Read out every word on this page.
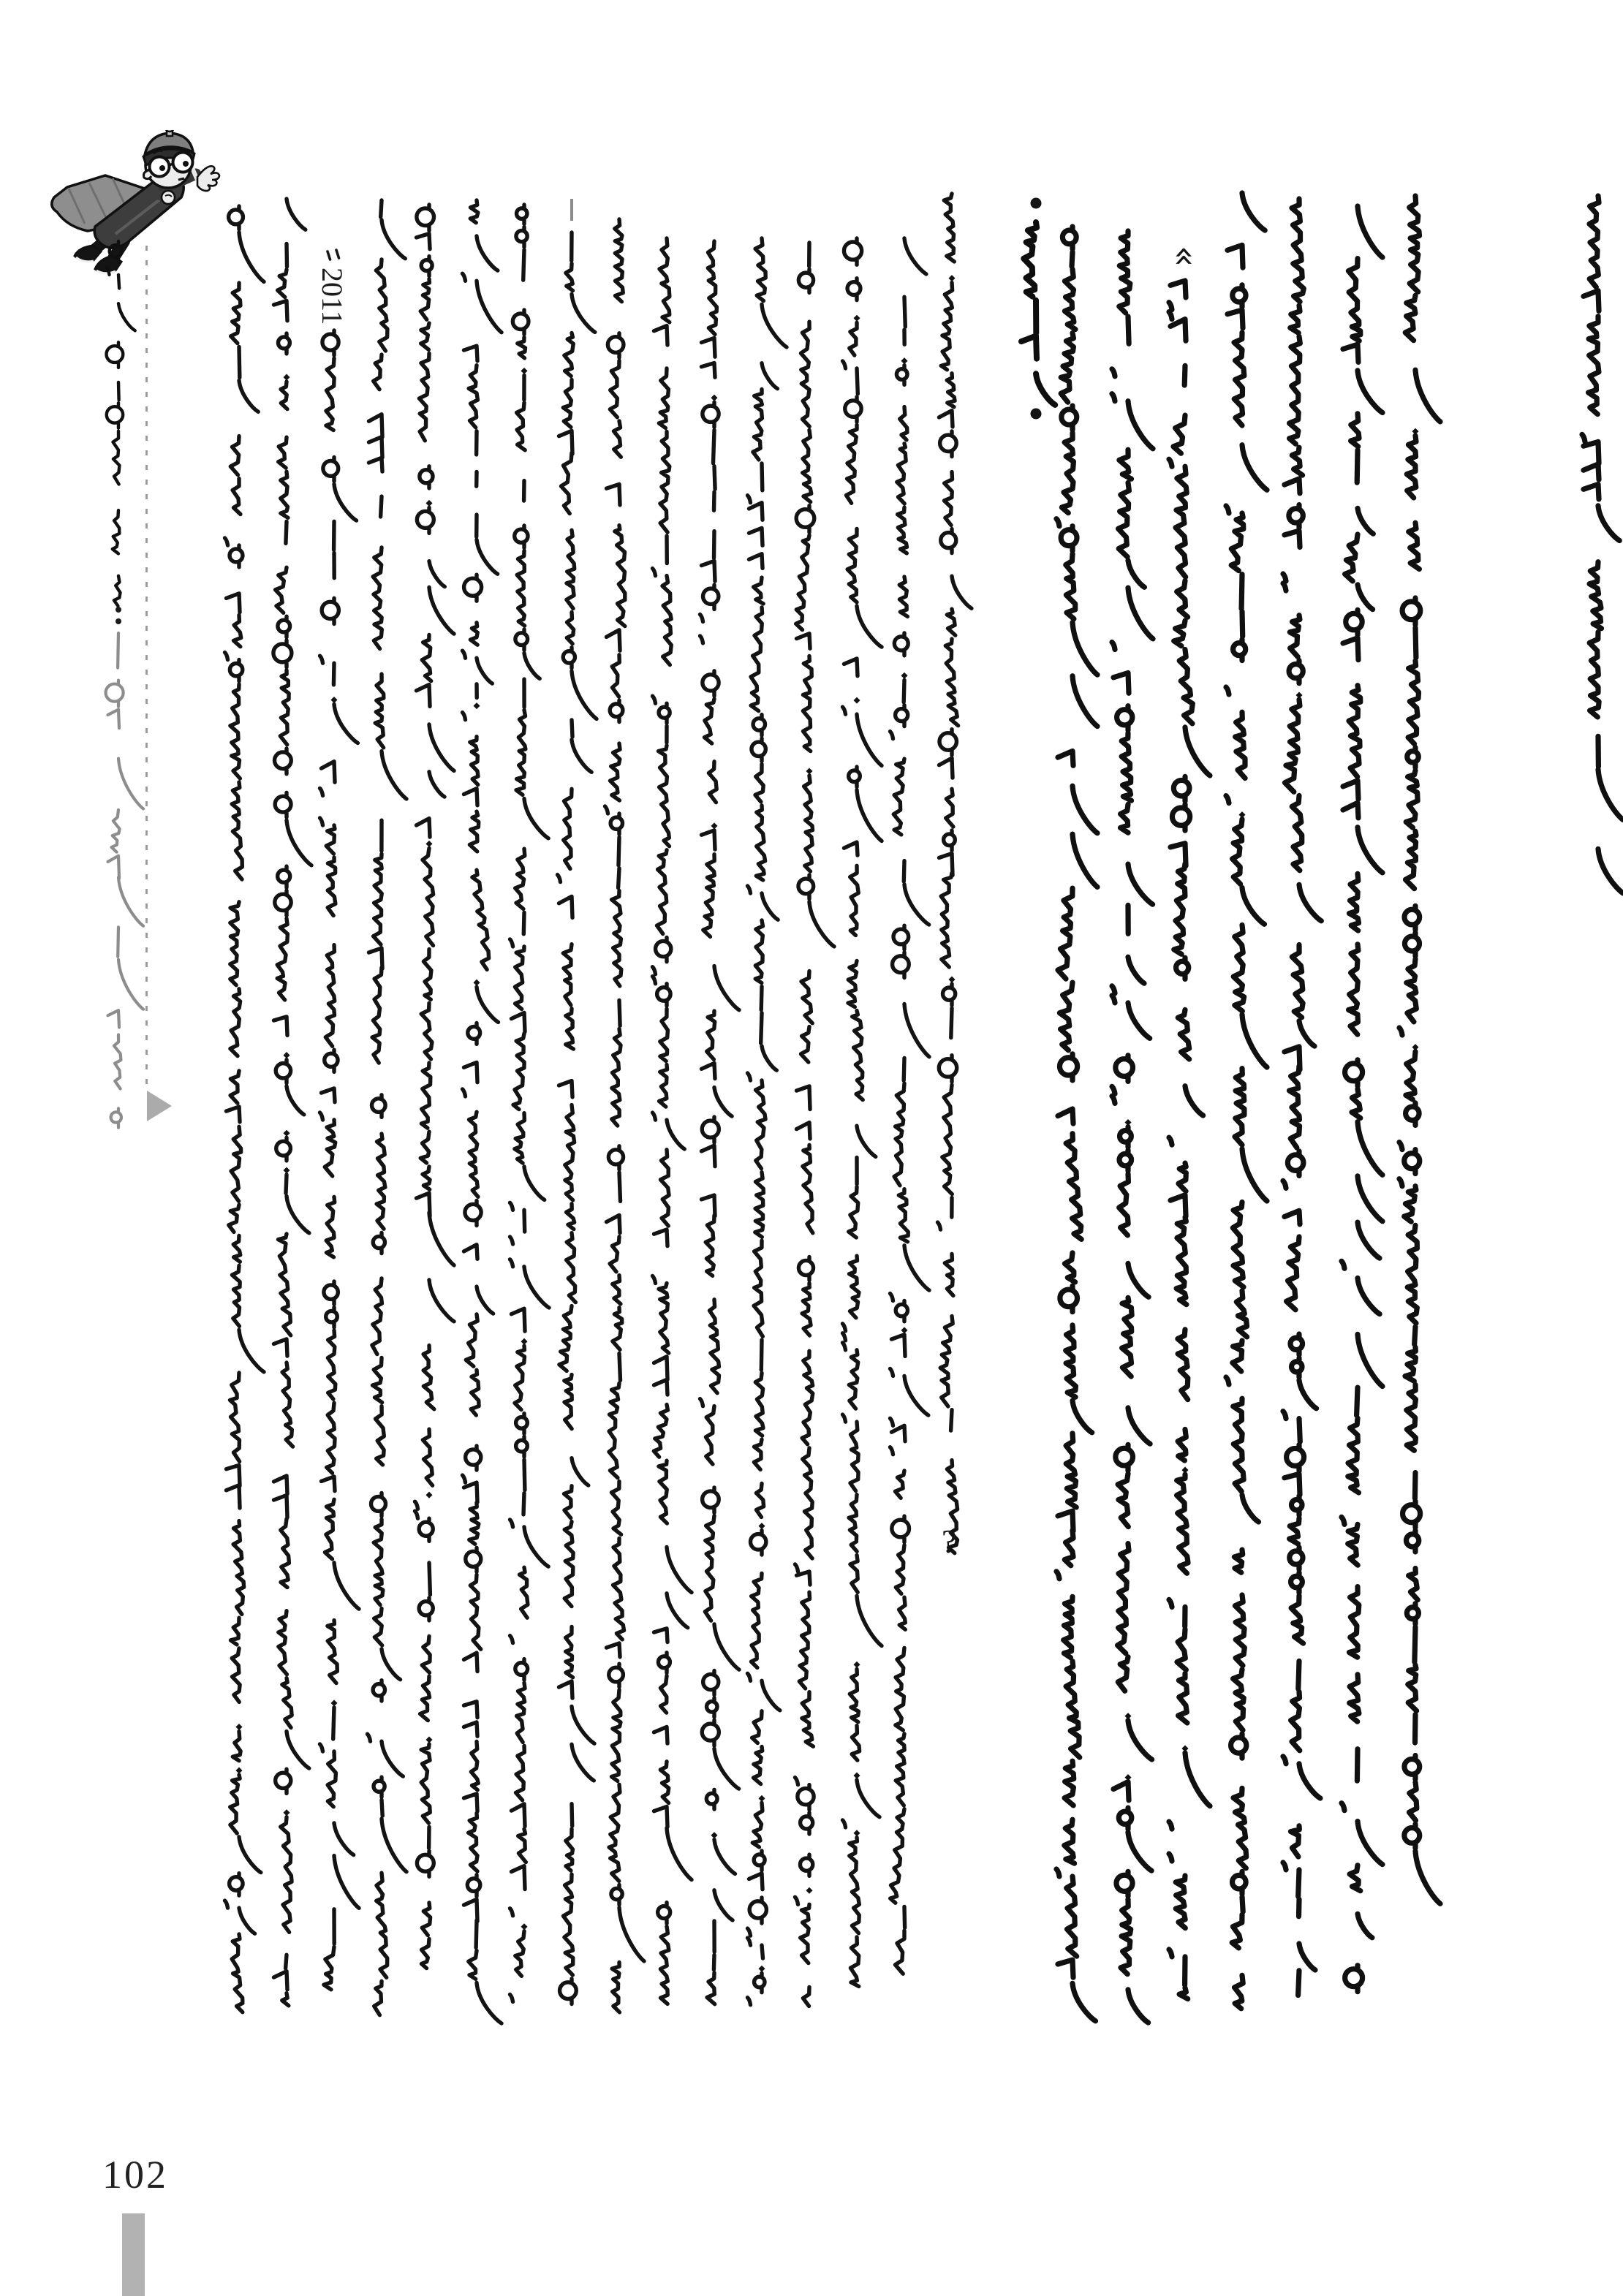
2011
?
«
102
